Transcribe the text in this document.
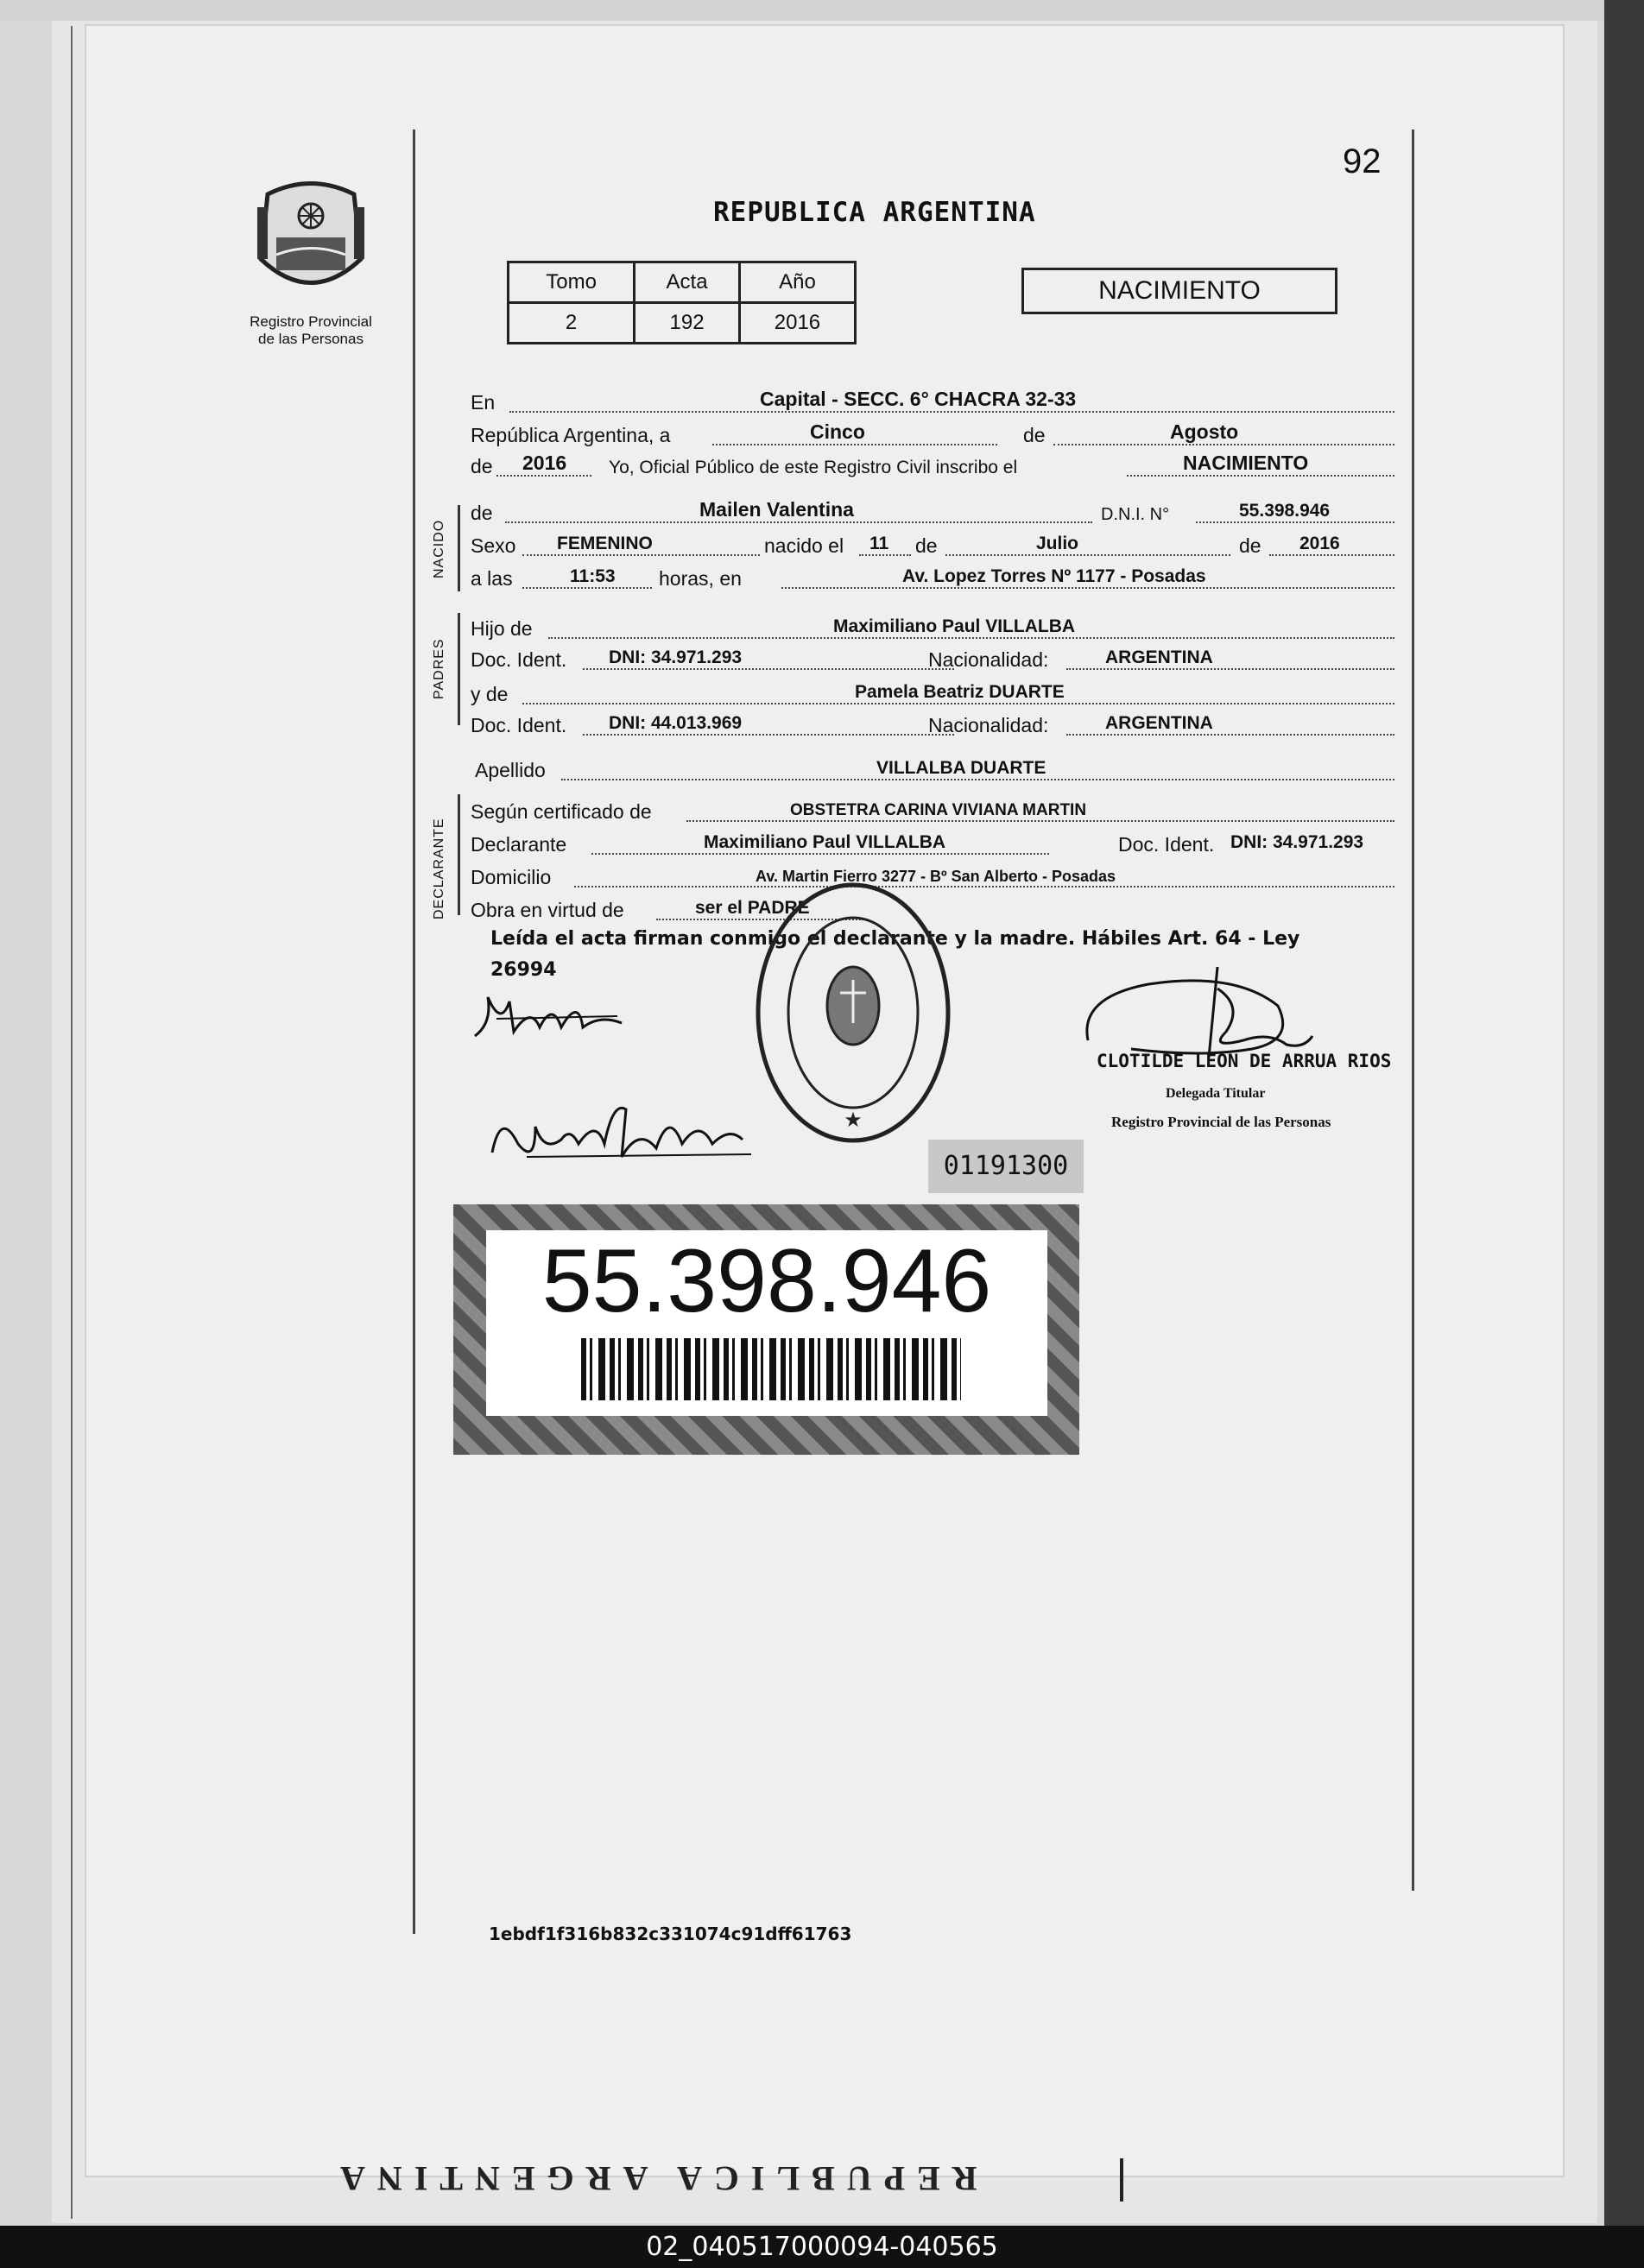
92
Registro Provincial
de las Personas
REPUBLICA ARGENTINA
Tomo	Acta	Año
2	192	2016
NACIMIENTO
NACIDO
PADRES
DECLARANTE
En	Capital - SECC. 6° CHACRA 32-33
República Argentina, a	Cinco	de	Agosto
de 2016 Yo, Oficial Público de este Registro Civil inscribo el	NACIMIENTO
de	Mailen Valentina	D.N.I. N°	55.398.946
Sexo FEMENINO	nacido el 11 de	Julio	de 2016
a las	11:53 horas, en	Av. Lopez Torres Nº 1177 - Posadas
Hijo de	Maximiliano Paul VILLALBA
Doc. Ident. DNI: 34.971.293	Nacionalidad:	ARGENTINA
y de	Pamela Beatriz DUARTE
Doc. Ident. DNI: 44.013.969	Nacionalidad:	ARGENTINA
Apellido	VILLALBA DUARTE
Según certificado de	OBSTETRA CARINA VIVIANA MARTIN
Declarante	Maximiliano Paul VILLALBA	Doc. Ident. DNI: 34.971.293
Domicilio	Av. Martin Fierro 3277 - Bº San Alberto - Posadas
Obra en virtud de	ser el PADRE
Leída el acta firman conmigo el declarante y la madre. Hábiles Art. 64 - Ley
26994
★
CLOTILDE LEON DE ARRUA RIOS
Delegada Titular
Registro Provincial de las Personas
01191300
55.398.946
1ebdf1f316b832c331074c91dff61763
REPUBLICA ARGENTINA
02_040517000094-040565
